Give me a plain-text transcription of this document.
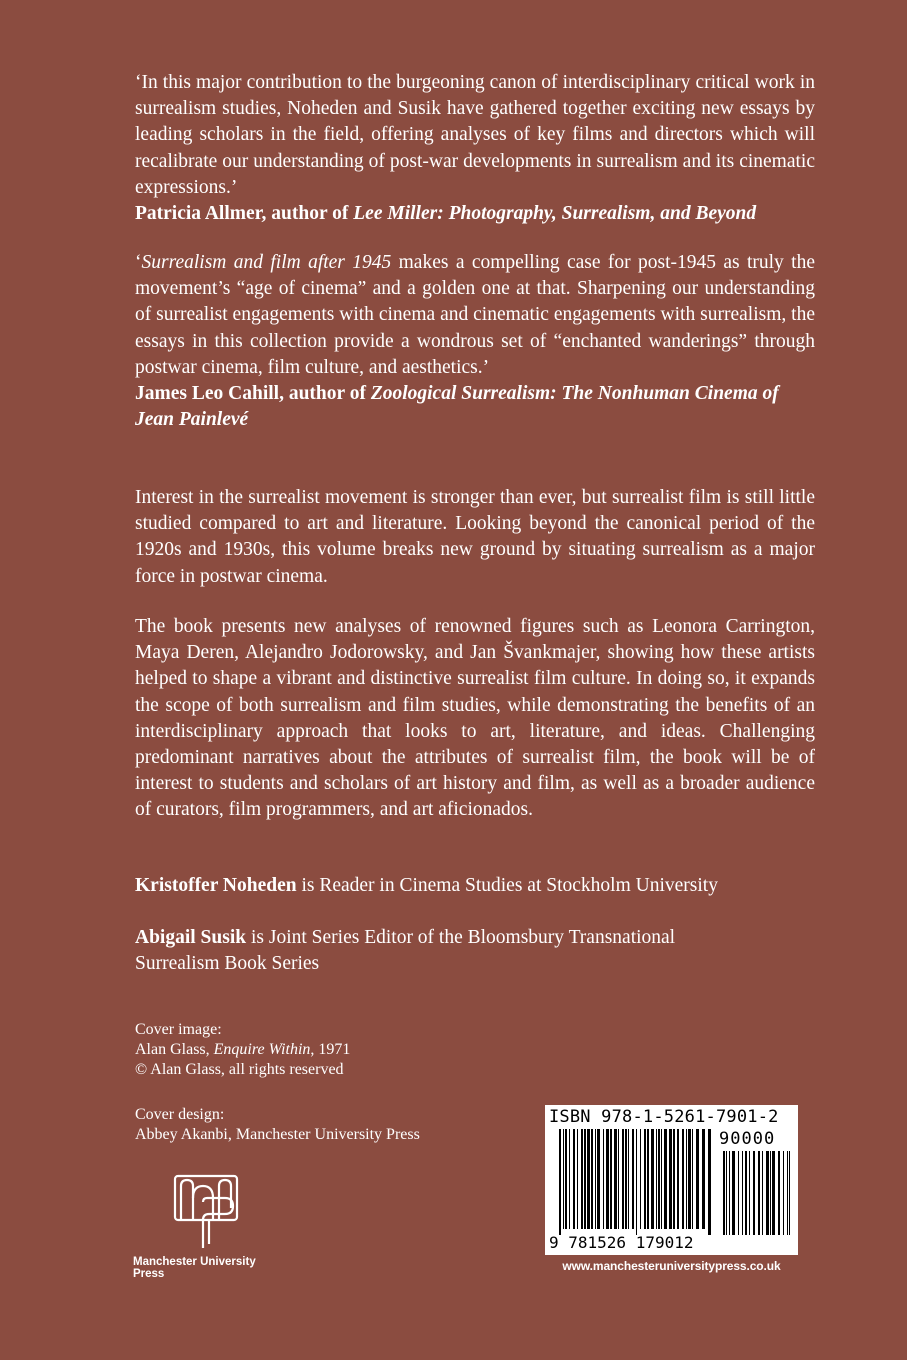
‘In this major contribution to the burgeoning canon of interdisciplinary critical work in surrealism studies, Noheden and Susik have gathered together exciting new essays by leading scholars in the field, offering analyses of key films and directors which will recalibrate our understanding of post-war developments in surrealism and its cinematic expressions.’

Patricia Allmer, author of Lee Miller: Photography, Surrealism, and Beyond

‘Surrealism and film after 1945 makes a compelling case for post-1945 as truly the movement’s “age of cinema” and a golden one at that. Sharpening our understanding of surrealist engagements with cinema and cinematic engagements with surrealism, the essays in this collection provide a wondrous set of “enchanted wanderings” through postwar cinema, film culture, and aesthetics.’

James Leo Cahill, author of Zoological Surrealism: The Nonhuman Cinema of Jean Painlevé

Interest in the surrealist movement is stronger than ever, but surrealist film is still little studied compared to art and literature. Looking beyond the canonical period of the 1920s and 1930s, this volume breaks new ground by situating surrealism as a major force in postwar cinema.

The book presents new analyses of renowned figures such as Leonora Carrington, Maya Deren, Alejandro Jodorowsky, and Jan Švankmajer, showing how these artists helped to shape a vibrant and distinctive surrealist film culture. In doing so, it expands the scope of both surrealism and film studies, while demonstrating the benefits of an interdisciplinary approach that looks to art, literature, and ideas. Challenging predominant narratives about the attributes of surrealist film, the book will be of interest to students and scholars of art history and film, as well as a broader audience of curators, film programmers, and art aficionados.

Kristoffer Noheden is Reader in Cinema Studies at Stockholm University

Abigail Susik is Joint Series Editor of the Bloomsbury Transnational Surrealism Book Series

Cover image:

Alan Glass, Enquire Within, 1971

© Alan Glass, all rights reserved

Cover design:

Abbey Akanbi, Manchester University Press

Manchester University Press
ISBN 978-1-5261-7901-2
90000
9 781526 179012
www.manchesteruniversitypress.co.uk
